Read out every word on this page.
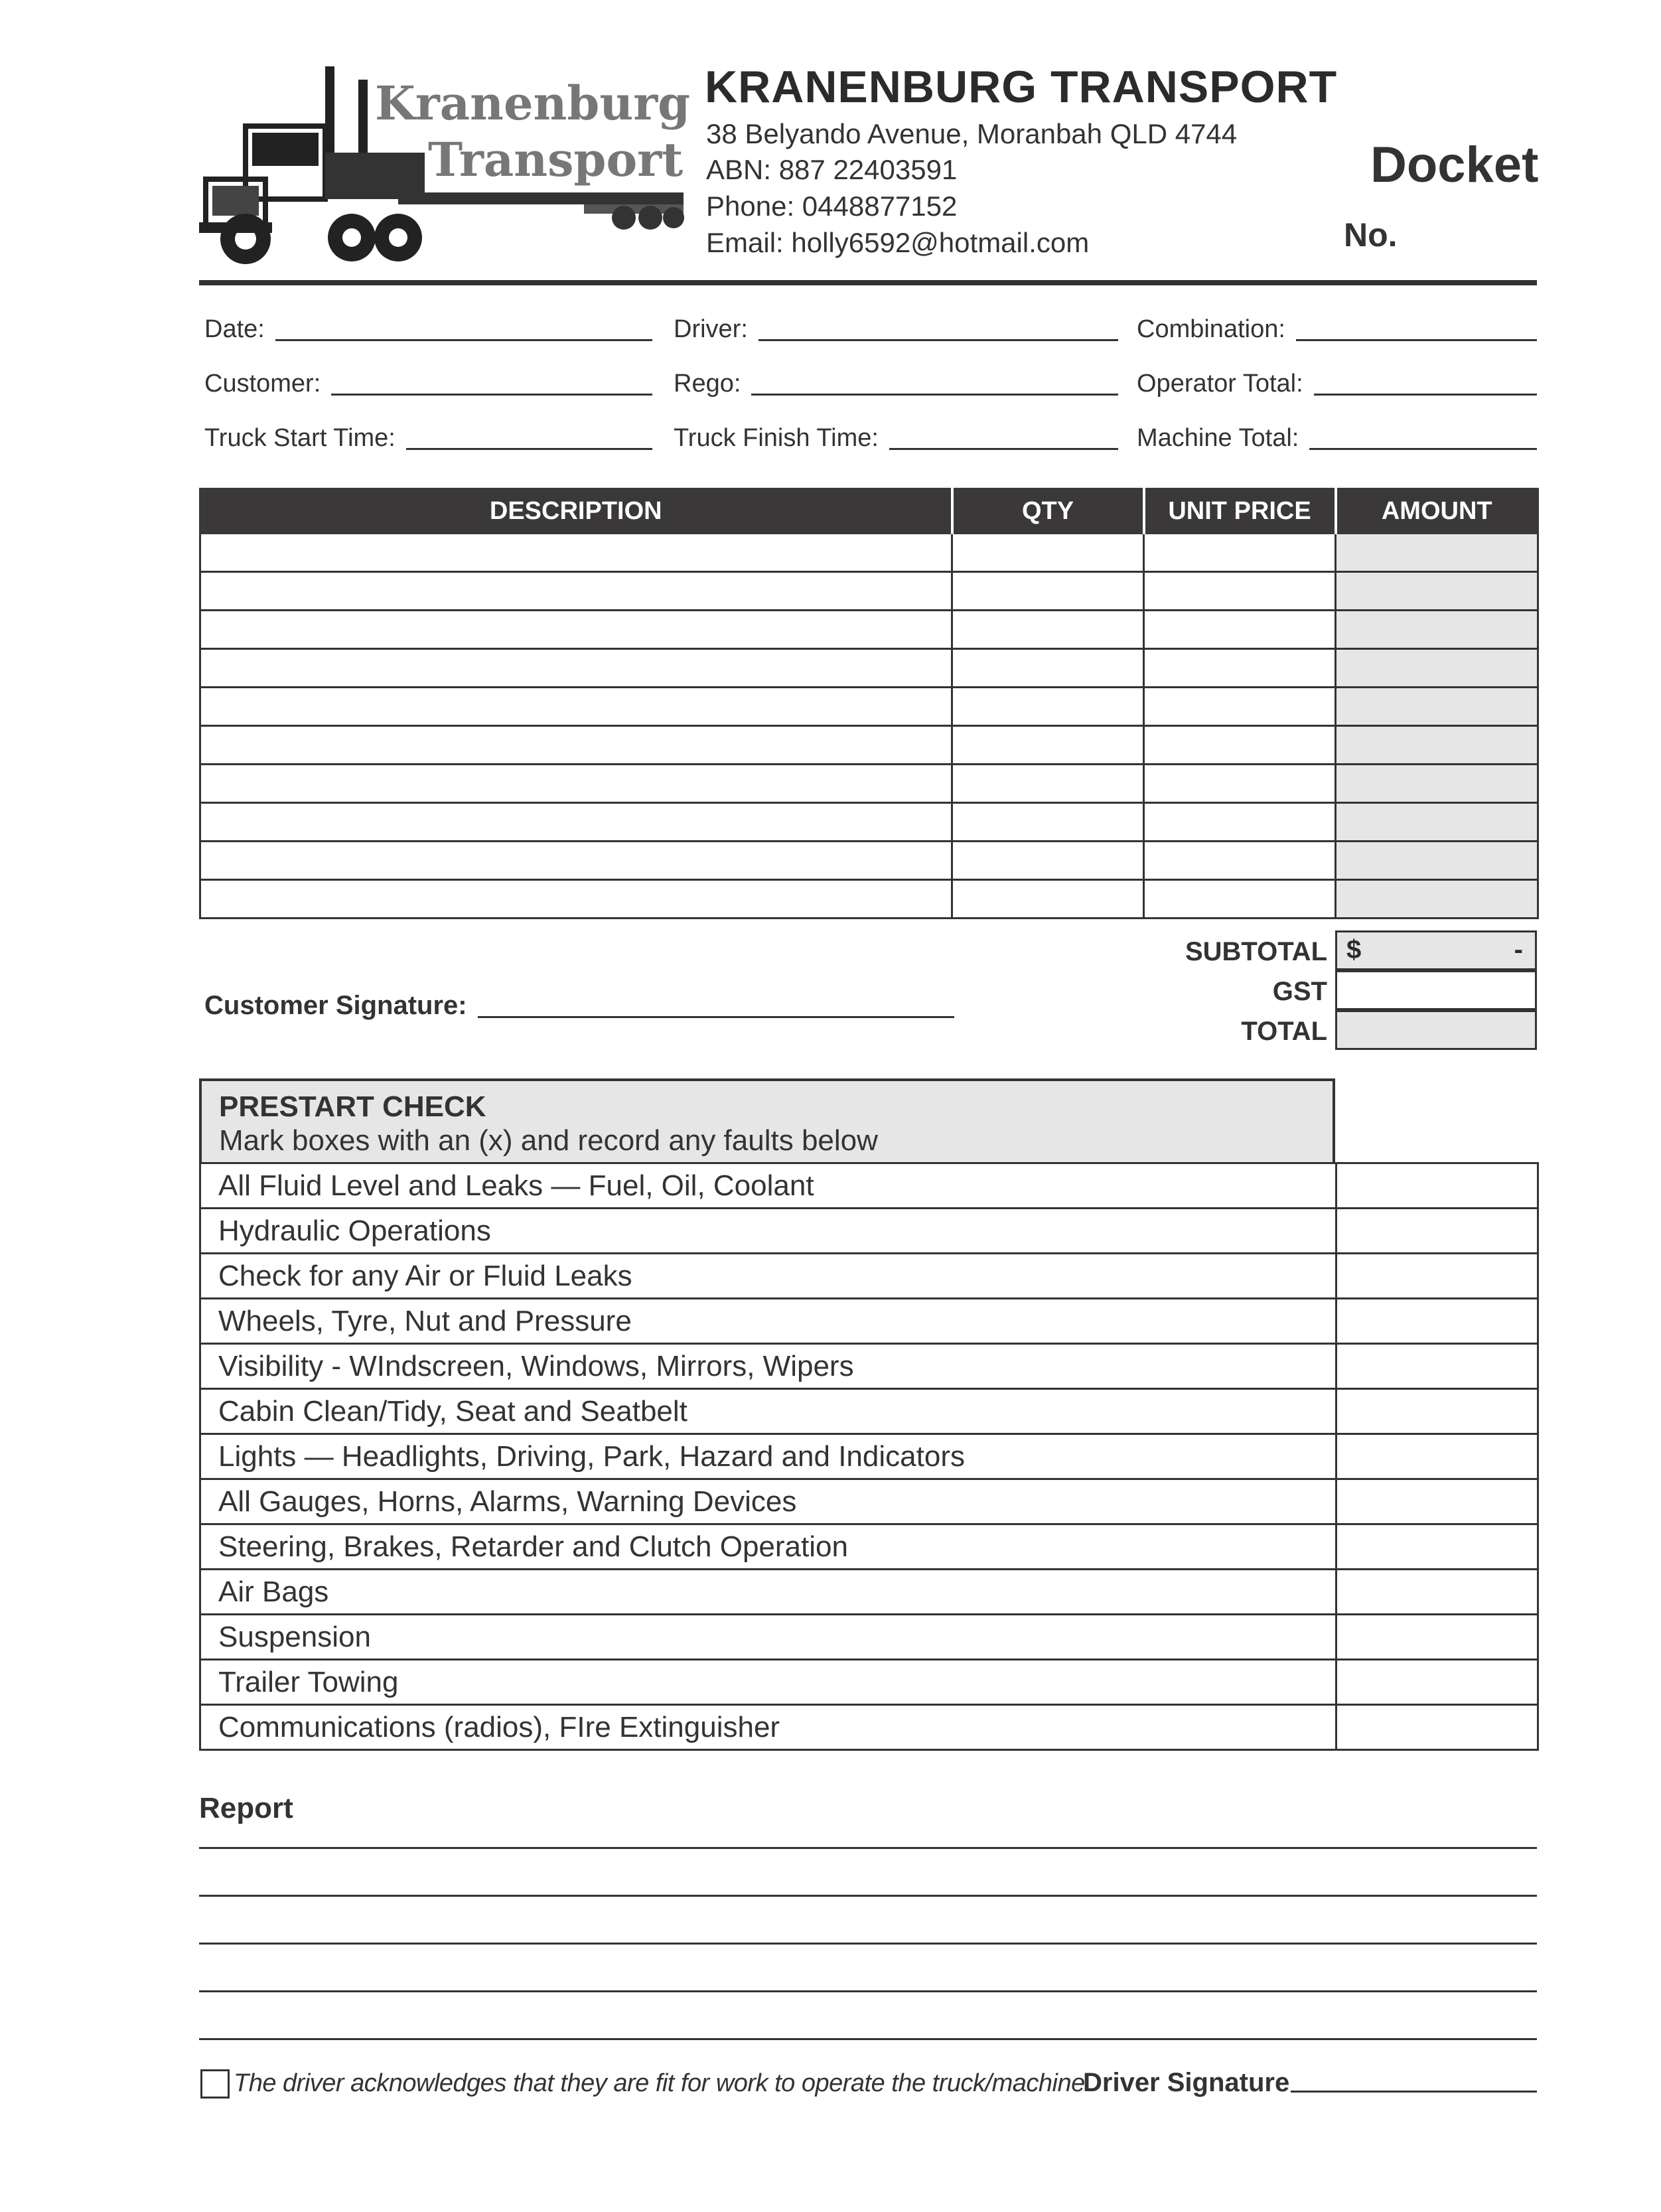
Kranenburg
Transport
KRANENBURG TRANSPORT
38 Belyando Avenue, Moranbah QLD 4744
ABN: 887 22403591
Phone: 0448877152
Email: holly6592@hotmail.com
Docket
No.
Date:	Driver:	Combination:
Customer:	Rego:	Operator Total:
Truck Start Time:	Truck Finish Time:	Machine Total:
DESCRIPTION	QTY	UNIT PRICE	AMOUNT

SUBTOTAL $	-
GST
TOTAL
Customer Signature:
PRESTART CHECK
Mark boxes with an (x) and record any faults below
All Fluid Level and Leaks — Fuel, Oil, Coolant	
Hydraulic Operations	
Check for any Air or Fluid Leaks	
Wheels, Tyre, Nut and Pressure	
Visibility - WIndscreen, Windows, Mirrors, Wipers	
Cabin Clean/Tidy, Seat and Seatbelt	
Lights — Headlights, Driving, Park, Hazard and Indicators	
All Gauges, Horns, Alarms, Warning Devices	
Steering, Brakes, Retarder and Clutch Operation	
Air Bags	
Suspension	
Trailer Towing	
Communications (radios), FIre Extinguisher	
Report
The driver acknowledges that they are fit for work to operate the truck/machine.
Driver Signature
